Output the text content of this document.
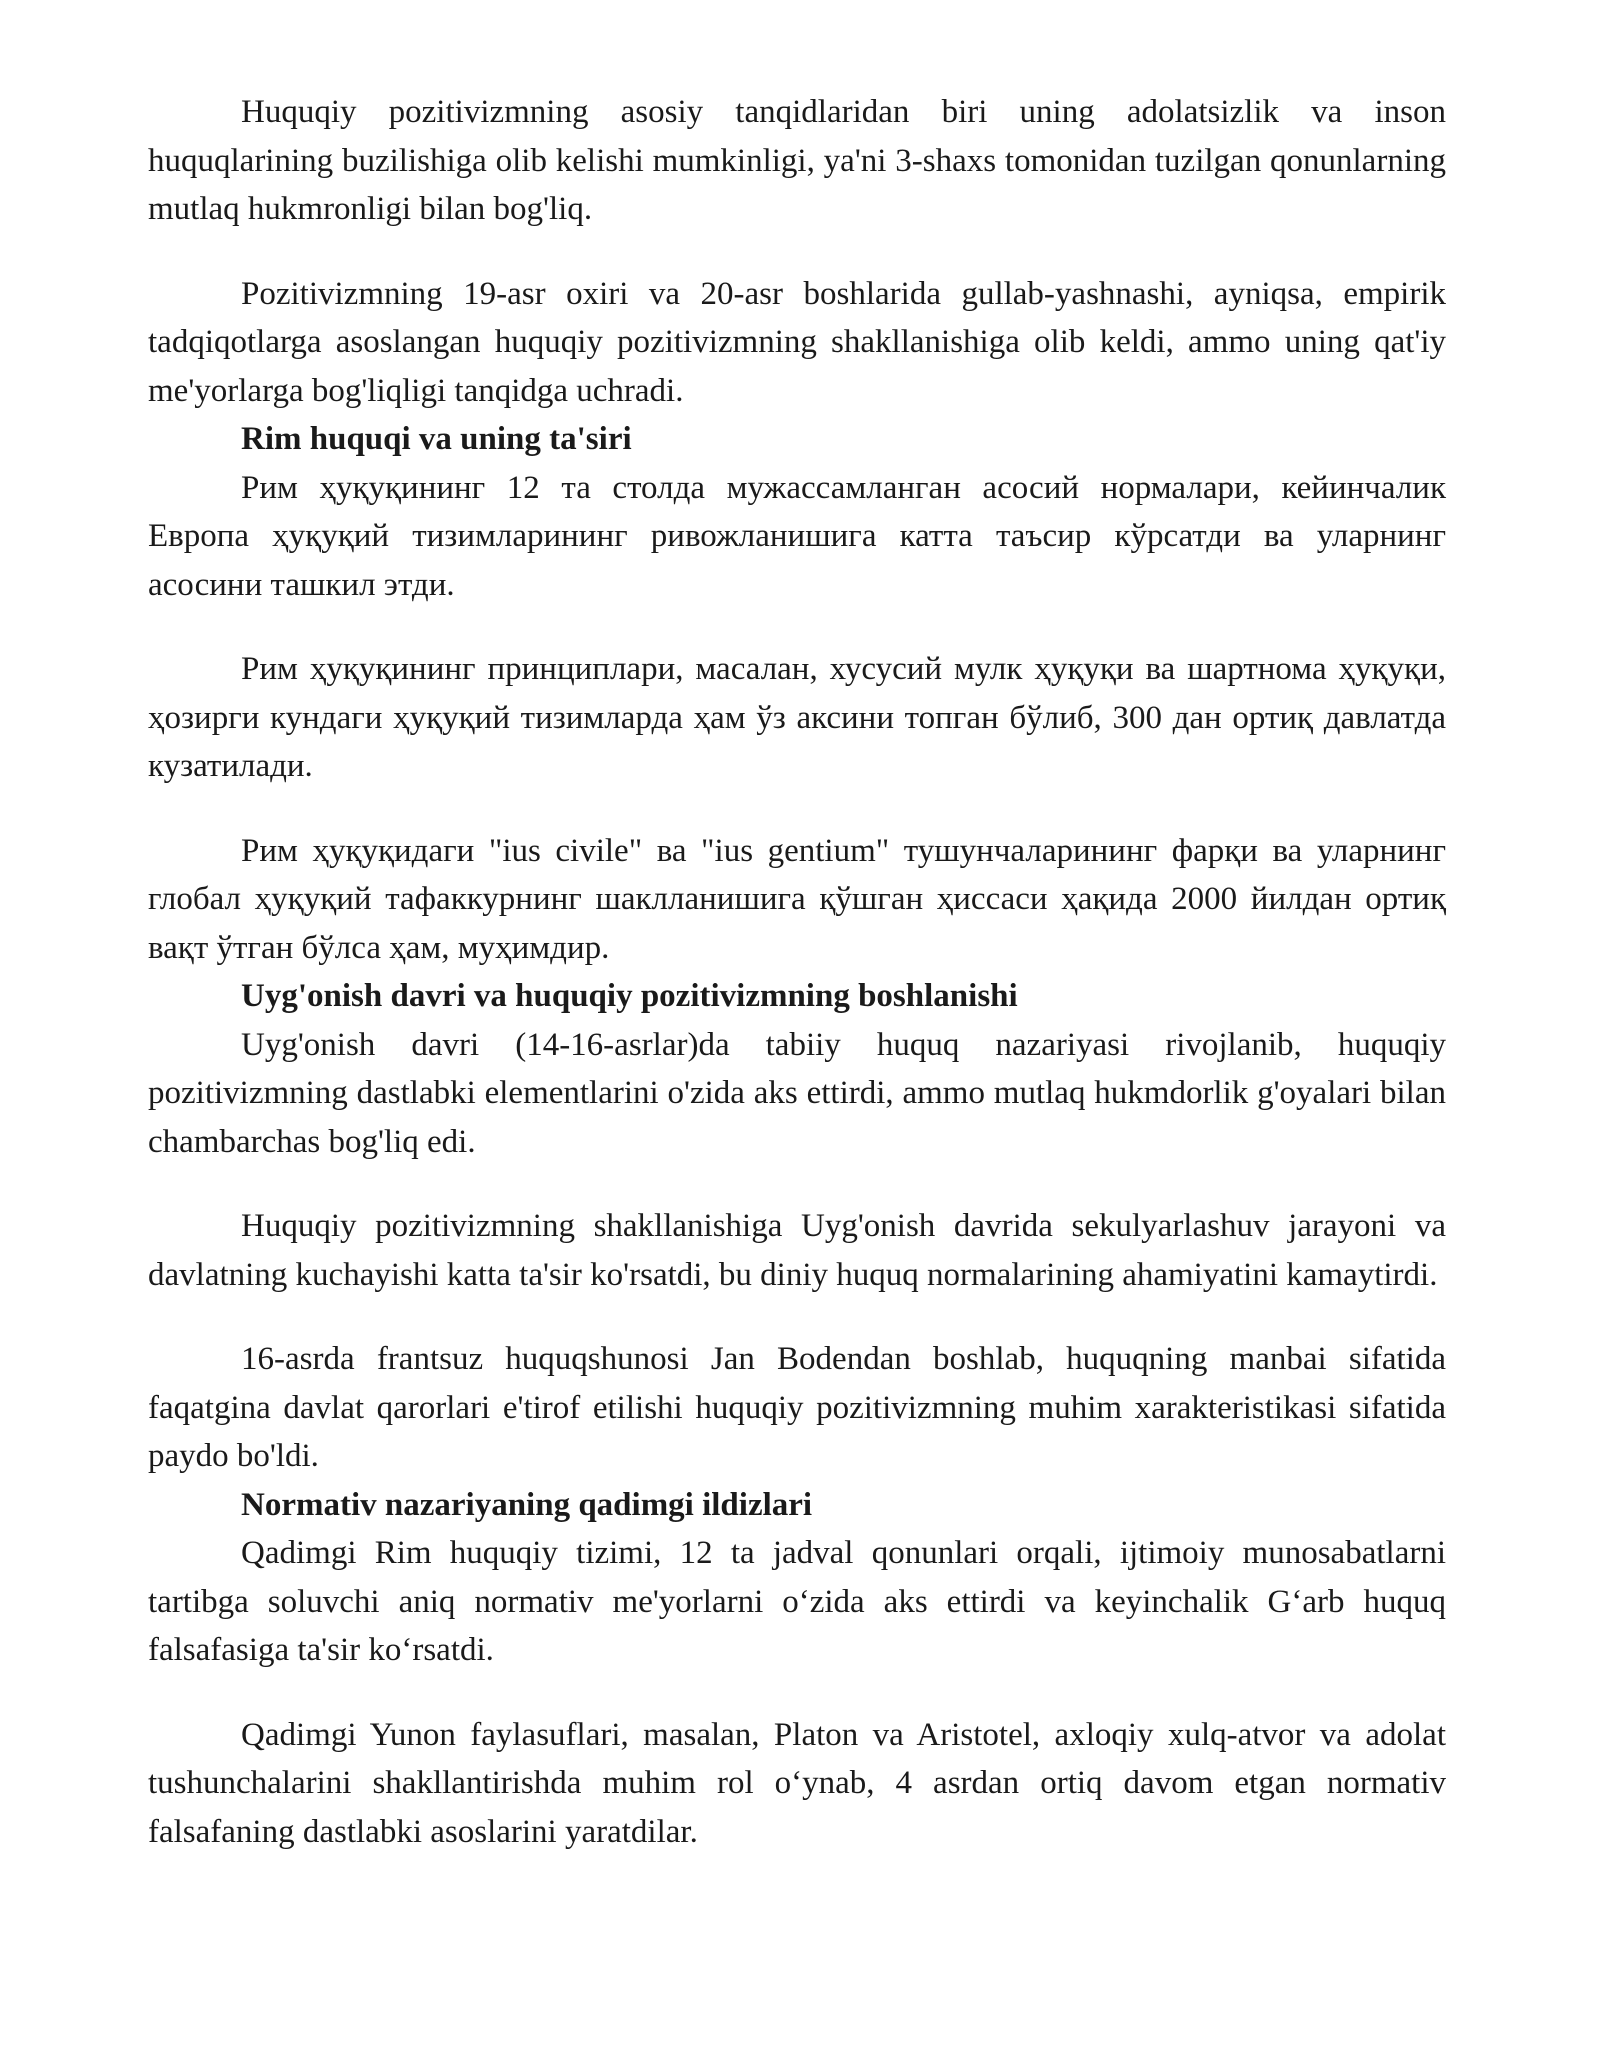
Huquqiy pozitivizmning asosiy tanqidlaridan biri uning adolatsizlik va inson huquqlarining buzilishiga olib kelishi mumkinligi, ya'ni 3-shaxs tomonidan tuzilgan qonunlarning mutlaq hukmronligi bilan bog'liq.

Pozitivizmning 19-asr oxiri va 20-asr boshlarida gullab-yashnashi, ayniqsa, empirik tadqiqotlarga asoslangan huquqiy pozitivizmning shakllanishiga olib keldi, ammo uning qat'iy me'yorlarga bog'liqligi tanqidga uchradi.

Rim huquqi va uning ta'siri

Рим ҳуқуқининг 12 та столда мужассамланган асосий нормалари, кейинчалик Европа ҳуқуқий тизимларининг ривожланишига катта таъсир кўрсатди ва уларнинг асосини ташкил этди.

Рим ҳуқуқининг принциплари, масалан, хусусий мулк ҳуқуқи ва шартнома ҳуқуқи, ҳозирги кундаги ҳуқуқий тизимларда ҳам ўз аксини топган бўлиб, 300 дан ортиқ давлатда кузатилади.

Рим ҳуқуқидаги "ius civile" ва "ius gentium" тушунчаларининг фарқи ва уларнинг глобал ҳуқуқий тафаккурнинг шаклланишига қўшган ҳиссаси ҳақида 2000 йилдан ортиқ вақт ўтган бўлса ҳам, муҳимдир.

Uyg'onish davri va huquqiy pozitivizmning boshlanishi

Uyg'onish davri (14-16-asrlar)da tabiiy huquq nazariyasi rivojlanib, huquqiy pozitivizmning dastlabki elementlarini o'zida aks ettirdi, ammo mutlaq hukmdorlik g'oyalari bilan chambarchas bog'liq edi.

Huquqiy pozitivizmning shakllanishiga Uyg'onish davrida sekulyarlashuv jarayoni va davlatning kuchayishi katta ta'sir ko'rsatdi, bu diniy huquq normalarining ahamiyatini kamaytirdi.

16-asrda frantsuz huquqshunosi Jan Bodendan boshlab, huquqning manbai sifatida faqatgina davlat qarorlari e'tirof etilishi huquqiy pozitivizmning muhim xarakteristikasi sifatida paydo bo'ldi.

Normativ nazariyaning qadimgi ildizlari

Qadimgi Rim huquqiy tizimi, 12 ta jadval qonunlari orqali, ijtimoiy munosabatlarni tartibga soluvchi aniq normativ me'yorlarni oʻzida aks ettirdi va keyinchalik Gʻarb huquq falsafasiga ta'sir koʻrsatdi.

Qadimgi Yunon faylasuflari, masalan, Platon va Aristotel, axloqiy xulq-atvor va adolat tushunchalarini shakllantirishda muhim rol oʻynab, 4 asrdan ortiq davom etgan normativ falsafaning dastlabki asoslarini yaratdilar.
